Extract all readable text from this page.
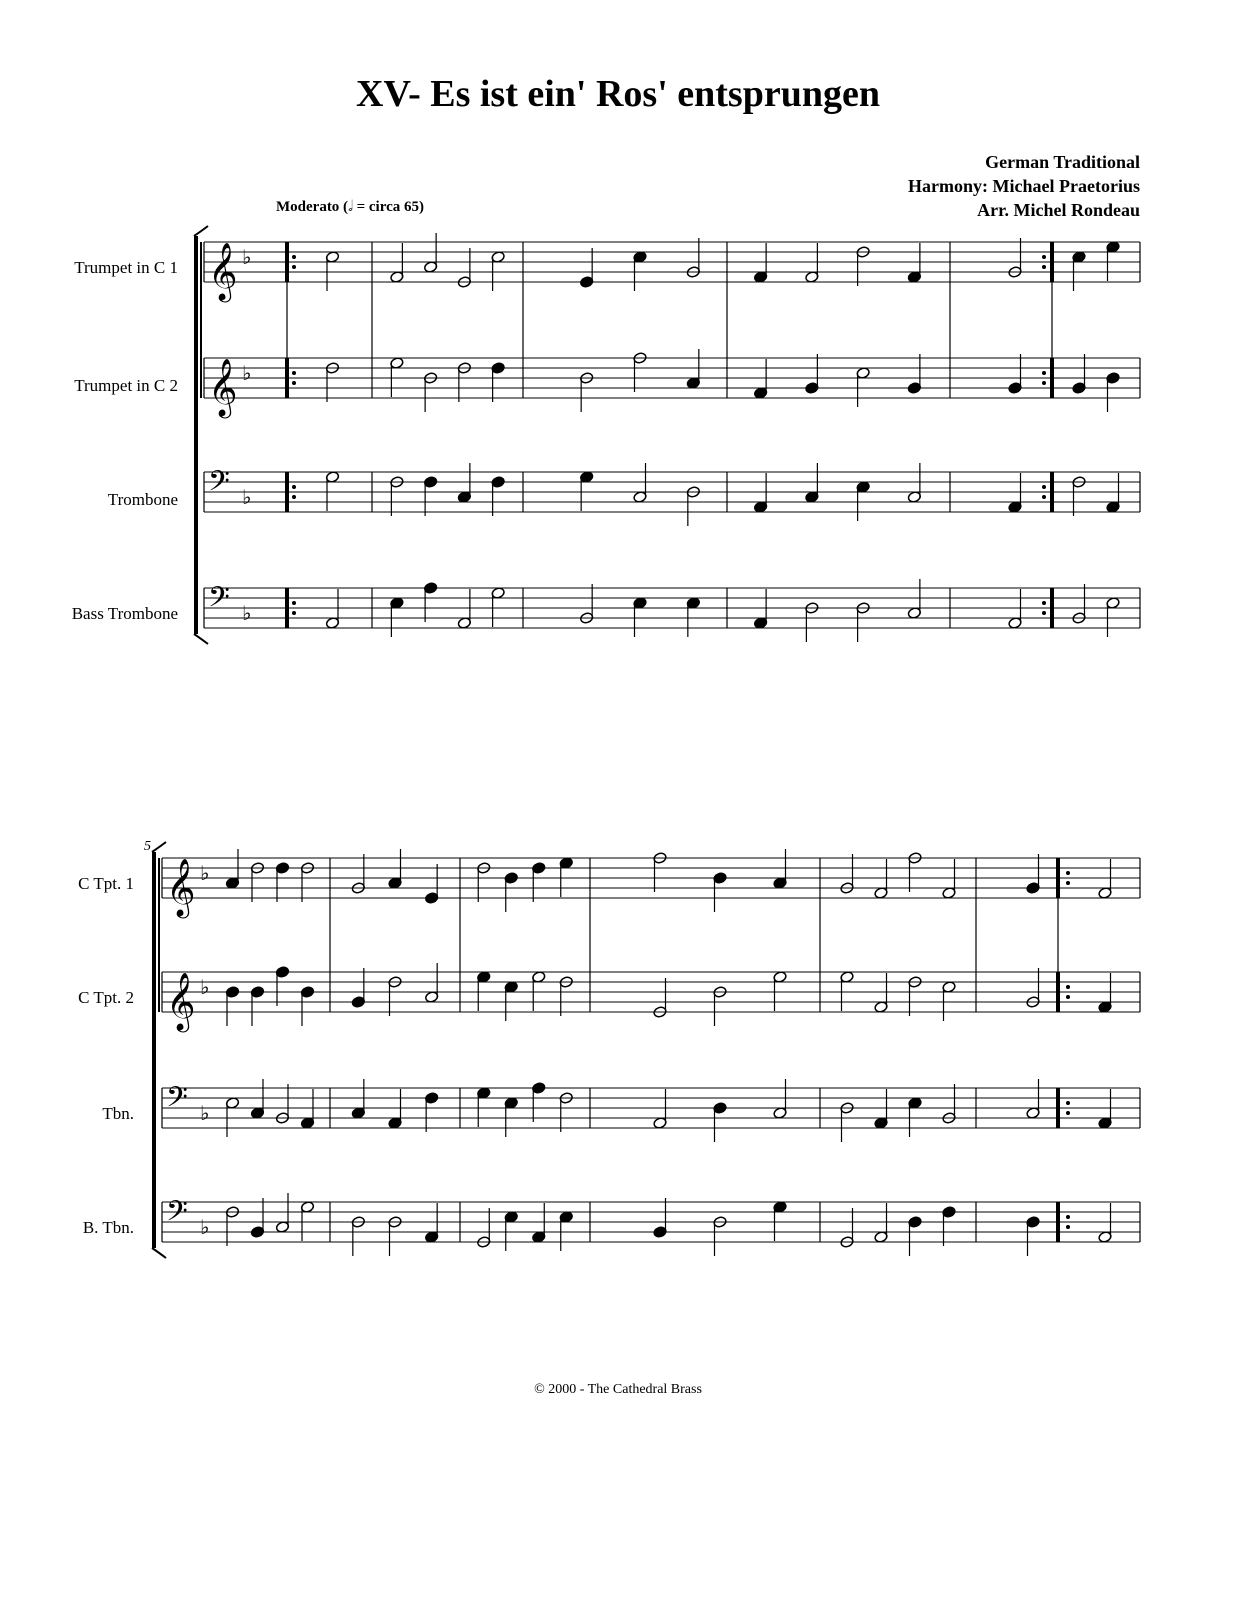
XV- Es ist ein' Ros' entsprungen
German Traditional
Harmony: Michael Praetorius
Arr. Michel Rondeau
Moderato (𝅗𝅥 = circa 65)
Trumpet in C 1
Trumpet in C 2
Trombone
Bass Trombone
C Tpt. 1
C Tpt. 2
Tbn.
B. Tbn.
5
𝄞 ♭
𝄞 ♭
𝄢 ♭
𝄢 ♭
𝄞 ♭
𝄞 ♭
𝄢 ♭
𝄢 ♭
© 2000 - The Cathedral Brass
